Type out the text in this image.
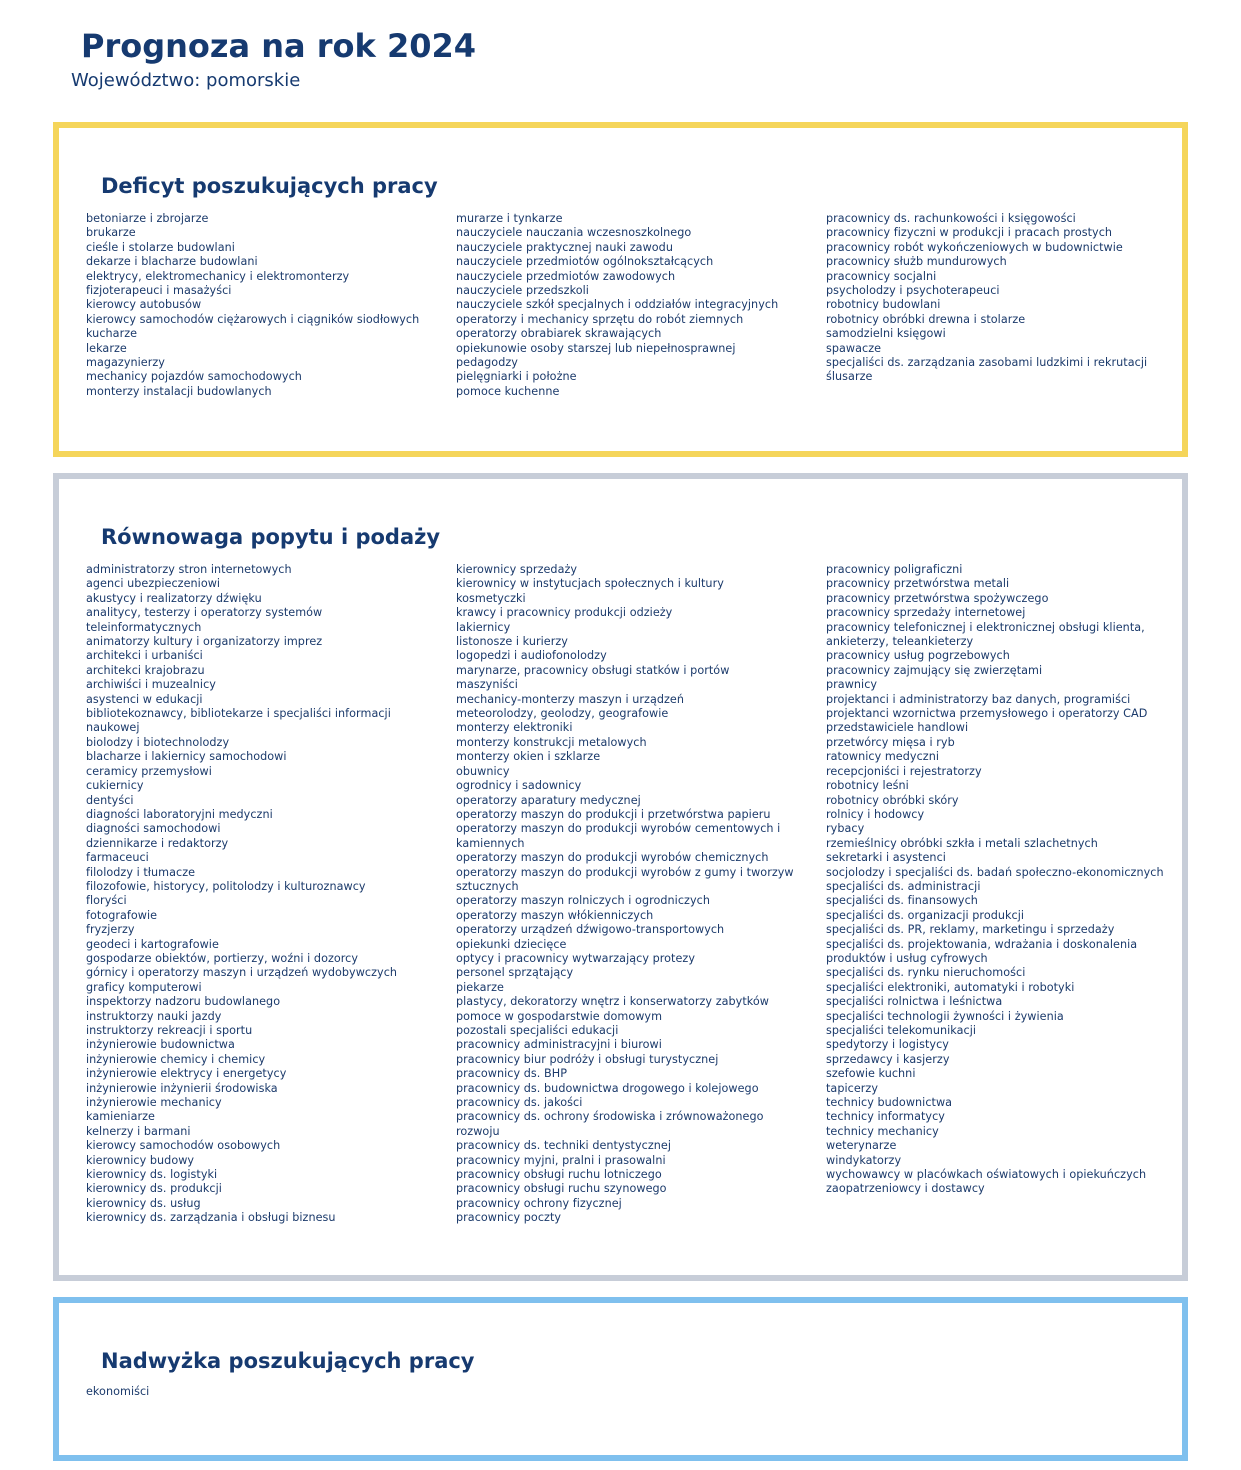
Prognoza na rok 2024
Województwo: pomorskie
Deficyt poszukujących pracy
betoniarze i zbrojarze
brukarze
cieśle i stolarze budowlani
dekarze i blacharze budowlani
elektrycy, elektromechanicy i elektromonterzy
fizjoterapeuci i masażyści
kierowcy autobusów
kierowcy samochodów ciężarowych i ciągników siodłowych
kucharze
lekarze
magazynierzy
mechanicy pojazdów samochodowych
monterzy instalacji budowlanych
murarze i tynkarze
nauczyciele nauczania wczesnoszkolnego
nauczyciele praktycznej nauki zawodu
nauczyciele przedmiotów ogólnokształcących
nauczyciele przedmiotów zawodowych
nauczyciele przedszkoli
nauczyciele szkół specjalnych i oddziałów integracyjnych
operatorzy i mechanicy sprzętu do robót ziemnych
operatorzy obrabiarek skrawających
opiekunowie osoby starszej lub niepełnosprawnej
pedagodzy
pielęgniarki i położne
pomoce kuchenne
pracownicy ds. rachunkowości i księgowości
pracownicy fizyczni w produkcji i pracach prostych
pracownicy robót wykończeniowych w budownictwie
pracownicy służb mundurowych
pracownicy socjalni
psycholodzy i psychoterapeuci
robotnicy budowlani
robotnicy obróbki drewna i stolarze
samodzielni księgowi
spawacze
specjaliści ds. zarządzania zasobami ludzkimi i rekrutacji
ślusarze
Równowaga popytu i podaży
administratorzy stron internetowych
agenci ubezpieczeniowi
akustycy i realizatorzy dźwięku
analitycy, testerzy i operatorzy systemów
teleinformatycznych
animatorzy kultury i organizatorzy imprez
architekci i urbaniści
architekci krajobrazu
archiwiści i muzealnicy
asystenci w edukacji
bibliotekoznawcy, bibliotekarze i specjaliści informacji
naukowej
biolodzy i biotechnolodzy
blacharze i lakiernicy samochodowi
ceramicy przemysłowi
cukiernicy
dentyści
diagności laboratoryjni medyczni
diagności samochodowi
dziennikarze i redaktorzy
farmaceuci
filolodzy i tłumacze
filozofowie, historycy, politolodzy i kulturoznawcy
floryści
fotografowie
fryzjerzy
geodeci i kartografowie
gospodarze obiektów, portierzy, woźni i dozorcy
górnicy i operatorzy maszyn i urządzeń wydobywczych
graficy komputerowi
inspektorzy nadzoru budowlanego
instruktorzy nauki jazdy
instruktorzy rekreacji i sportu
inżynierowie budownictwa
inżynierowie chemicy i chemicy
inżynierowie elektrycy i energetycy
inżynierowie inżynierii środowiska
inżynierowie mechanicy
kamieniarze
kelnerzy i barmani
kierowcy samochodów osobowych
kierownicy budowy
kierownicy ds. logistyki
kierownicy ds. produkcji
kierownicy ds. usług
kierownicy ds. zarządzania i obsługi biznesu
kierownicy sprzedaży
kierownicy w instytucjach społecznych i kultury
kosmetyczki
krawcy i pracownicy produkcji odzieży
lakiernicy
listonosze i kurierzy
logopedzi i audiofonolodzy
marynarze, pracownicy obsługi statków i portów
maszyniści
mechanicy-monterzy maszyn i urządzeń
meteorolodzy, geolodzy, geografowie
monterzy elektroniki
monterzy konstrukcji metalowych
monterzy okien i szklarze
obuwnicy
ogrodnicy i sadownicy
operatorzy aparatury medycznej
operatorzy maszyn do produkcji i przetwórstwa papieru
operatorzy maszyn do produkcji wyrobów cementowych i
kamiennych
operatorzy maszyn do produkcji wyrobów chemicznych
operatorzy maszyn do produkcji wyrobów z gumy i tworzyw
sztucznych
operatorzy maszyn rolniczych i ogrodniczych
operatorzy maszyn włókienniczych
operatorzy urządzeń dźwigowo-transportowych
opiekunki dziecięce
optycy i pracownicy wytwarzający protezy
personel sprzątający
piekarze
plastycy, dekoratorzy wnętrz i konserwatorzy zabytków
pomoce w gospodarstwie domowym
pozostali specjaliści edukacji
pracownicy administracyjni i biurowi
pracownicy biur podróży i obsługi turystycznej
pracownicy ds. BHP
pracownicy ds. budownictwa drogowego i kolejowego
pracownicy ds. jakości
pracownicy ds. ochrony środowiska i zrównoważonego
rozwoju
pracownicy ds. techniki dentystycznej
pracownicy myjni, pralni i prasowalni
pracownicy obsługi ruchu lotniczego
pracownicy obsługi ruchu szynowego
pracownicy ochrony fizycznej
pracownicy poczty
pracownicy poligraficzni
pracownicy przetwórstwa metali
pracownicy przetwórstwa spożywczego
pracownicy sprzedaży internetowej
pracownicy telefonicznej i elektronicznej obsługi klienta,
ankieterzy, teleankieterzy
pracownicy usług pogrzebowych
pracownicy zajmujący się zwierzętami
prawnicy
projektanci i administratorzy baz danych, programiści
projektanci wzornictwa przemysłowego i operatorzy CAD
przedstawiciele handlowi
przetwórcy mięsa i ryb
ratownicy medyczni
recepcjoniści i rejestratorzy
robotnicy leśni
robotnicy obróbki skóry
rolnicy i hodowcy
rybacy
rzemieślnicy obróbki szkła i metali szlachetnych
sekretarki i asystenci
socjolodzy i specjaliści ds. badań społeczno-ekonomicznych
specjaliści ds. administracji
specjaliści ds. finansowych
specjaliści ds. organizacji produkcji
specjaliści ds. PR, reklamy, marketingu i sprzedaży
specjaliści ds. projektowania, wdrażania i doskonalenia
produktów i usług cyfrowych
specjaliści ds. rynku nieruchomości
specjaliści elektroniki, automatyki i robotyki
specjaliści rolnictwa i leśnictwa
specjaliści technologii żywności i żywienia
specjaliści telekomunikacji
spedytorzy i logistycy
sprzedawcy i kasjerzy
szefowie kuchni
tapicerzy
technicy budownictwa
technicy informatycy
technicy mechanicy
weterynarze
windykatorzy
wychowawcy w placówkach oświatowych i opiekuńczych
zaopatrzeniowcy i dostawcy
Nadwyżka poszukujących pracy
ekonomiści
